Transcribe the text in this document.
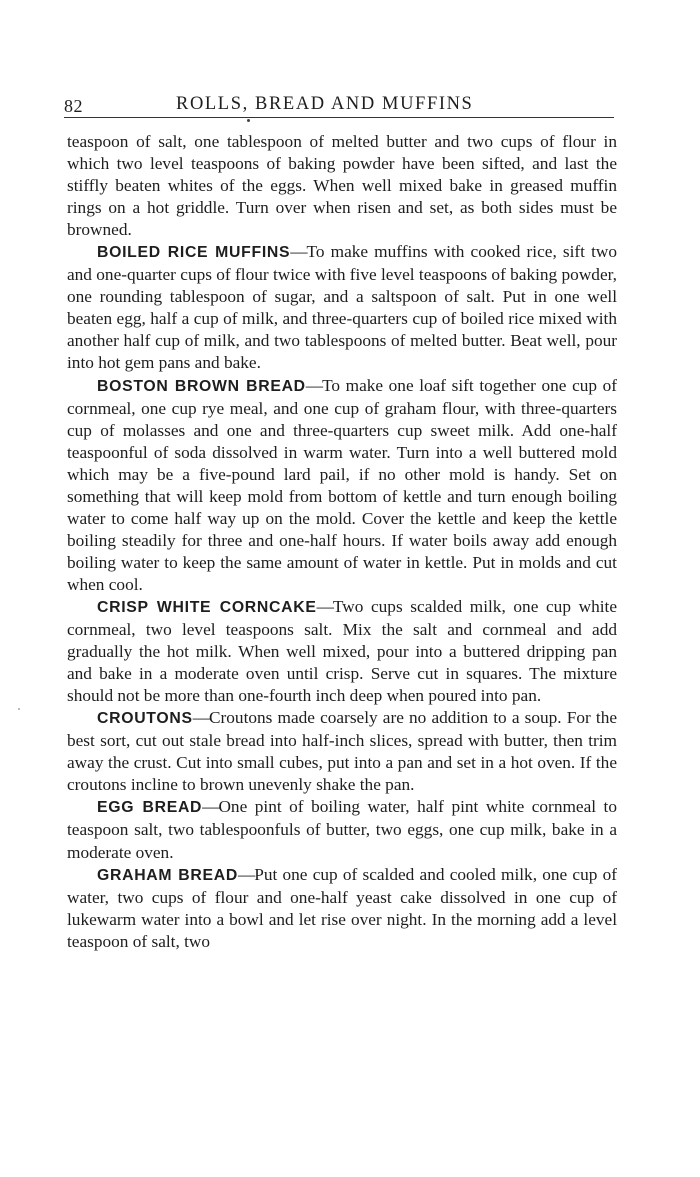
82	ROLLS, BREAD AND MUFFINS

teaspoon of salt, one tablespoon of melted butter and two cups of flour in which two level teaspoons of baking powder have been sifted, and last the stiffly beaten whites of the eggs. When well mixed bake in greased muffin rings on a hot griddle. Turn over when risen and set, as both sides must be browned.

BOILED RICE MUFFINS—To make muffins with cooked rice, sift two and one-quarter cups of flour twice with five level teaspoons of baking powder, one rounding tablespoon of sugar, and a saltspoon of salt. Put in one well beaten egg, half a cup of milk, and three-quarters cup of boiled rice mixed with another half cup of milk, and two tablespoons of melted butter. Beat well, pour into hot gem pans and bake.

BOSTON BROWN BREAD—To make one loaf sift together one cup of cornmeal, one cup rye meal, and one cup of graham flour, with three-quarters cup of molasses and one and three-quarters cup sweet milk. Add one-half teaspoonful of soda dissolved in warm water. Turn into a well buttered mold which may be a five-pound lard pail, if no other mold is handy. Set on something that will keep mold from bottom of kettle and turn enough boiling water to come half way up on the mold. Cover the kettle and keep the kettle boiling steadily for three and one-half hours. If water boils away add enough boiling water to keep the same amount of water in kettle. Put in molds and cut when cool.

CRISP WHITE CORNCAKE—Two cups scalded milk, one cup white cornmeal, two level teaspoons salt. Mix the salt and cornmeal and add gradually the hot milk. When well mixed, pour into a buttered dripping pan and bake in a moderate oven until crisp. Serve cut in squares. The mixture should not be more than one-fourth inch deep when poured into pan.

CROUTONS—Croutons made coarsely are no addition to a soup. For the best sort, cut out stale bread into half-inch slices, spread with butter, then trim away the crust. Cut into small cubes, put into a pan and set in a hot oven. If the croutons incline to brown unevenly shake the pan.

EGG BREAD—One pint of boiling water, half pint white cornmeal to teaspoon salt, two tablespoonfuls of butter, two eggs, one cup milk, bake in a moderate oven.

GRAHAM BREAD—Put one cup of scalded and cooled milk, one cup of water, two cups of flour and one-half yeast cake dissolved in one cup of lukewarm water into a bowl and let rise over night. In the morning add a level teaspoon of salt, two
